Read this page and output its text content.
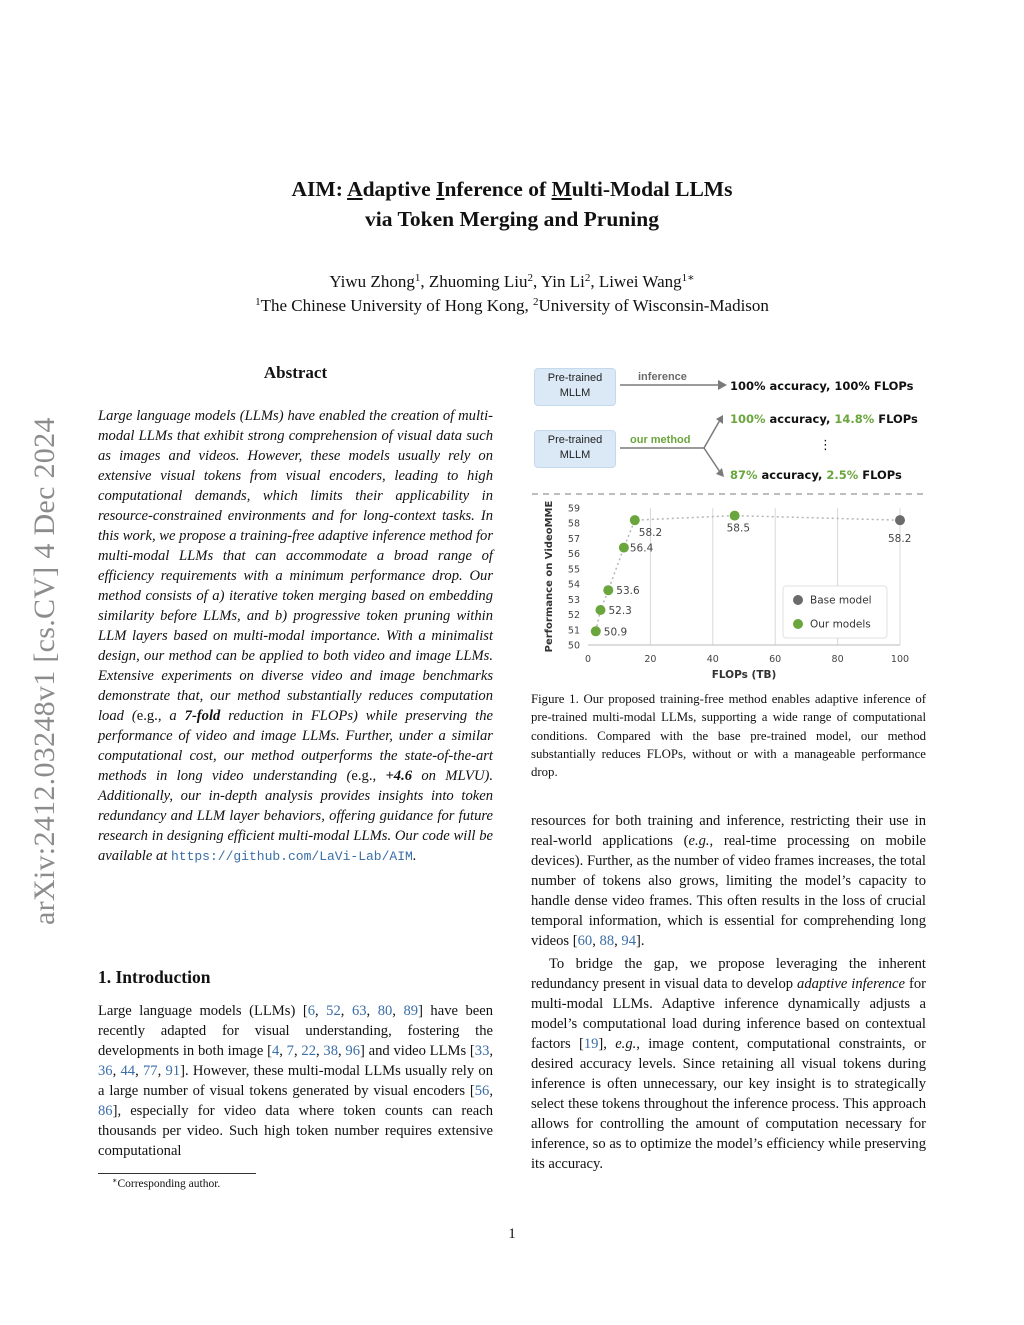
arXiv:2412.03248v1 [cs.CV] 4 Dec 2024
AIM: Adaptive Inference of Multi-Modal LLMs
via Token Merging and Pruning
Yiwu Zhong$^1$, Zhuoming Liu$^2$, Yin Li$^2$, Liwei Wang$^{1∗}$
$^1$The Chinese University of Hong Kong, $^2$University of Wisconsin-Madison
Abstract
Large language models (LLMs) have enabled the creation of multi-modal LLMs that exhibit strong comprehension of visual data such as images and videos. However, these models usually rely on extensive visual tokens from visual encoders, leading to high computational demands, which limits their applicability in resource-constrained environments and for long-context tasks. In this work, we propose a training-free adaptive inference method for multi-modal LLMs that can accommodate a broad range of efficiency requirements with a minimum performance drop. Our method consists of a) iterative token merging based on embedding similarity before LLMs, and b) progressive token pruning within LLM layers based on multi-modal importance. With a minimalist design, our method can be applied to both video and image LLMs. Extensive experiments on diverse video and image benchmarks demonstrate that, our method substantially reduces computation load (e.g., a 7-fold reduction in FLOPs) while preserving the performance of video and image LLMs. Further, under a similar computational cost, our method outperforms the state-of-the-art methods in long video understanding (e.g., +4.6 on MLVU). Additionally, our in-depth analysis provides insights into token redundancy and LLM layer behaviors, offering guidance for future research in designing efficient multi-modal LLMs. Our code will be available at https://github.com/LaVi-Lab/AIM.
1. Introduction
Large language models (LLMs) [6, 52, 63, 80, 89] have been recently adapted for visual understanding, fostering the developments in both image [4, 7, 22, 38, 96] and video LLMs [33, 36, 44, 77, 91]. However, these multi-modal LLMs usually rely on a large number of visual tokens generated by visual encoders [56, 86], especially for video data where token counts can reach thousands per video. Such high token number requires extensive computational
∗Corresponding author.
Pre-trained
MLLM
Pre-trained
MLLM
inference
our method
100% accuracy, 100% FLOPs
100% accuracy, 14.8% FLOPs
⋮
87% accuracy, 2.5% FLOPs
0	20	40	60	80	100
50
51
52
53
54
55
56
57
58
59
FLOPs (TB)
Performance on VideoMME	58.2
50.9
52.3
53.6
56.4
58.2	58.5
Base model
Our models
Figure 1. Our proposed training-free method enables adaptive inference of pre-trained multi-modal LLMs, supporting a wide range of computational conditions. Compared with the base pre-trained model, our method substantially reduces FLOPs, without or with a manageable performance drop.
resources for both training and inference, restricting their use in real-world applications (e.g., real-time processing on mobile devices). Further, as the number of video frames increases, the total number of tokens also grows, limiting the model’s capacity to handle dense video frames. This often results in the loss of crucial temporal information, which is essential for comprehending long videos [60, 88, 94].
To bridge the gap, we propose leveraging the inherent redundancy present in visual data to develop adaptive inference for multi-modal LLMs. Adaptive inference dynamically adjusts a model’s computational load during inference based on contextual factors [19], e.g., image content, computational constraints, or desired accuracy levels. Since retaining all visual tokens during inference is often unnecessary, our key insight is to strategically select these tokens throughout the inference process. This approach allows for controlling the amount of computation necessary for inference, so as to optimize the model’s efficiency while preserving its accuracy.
1
